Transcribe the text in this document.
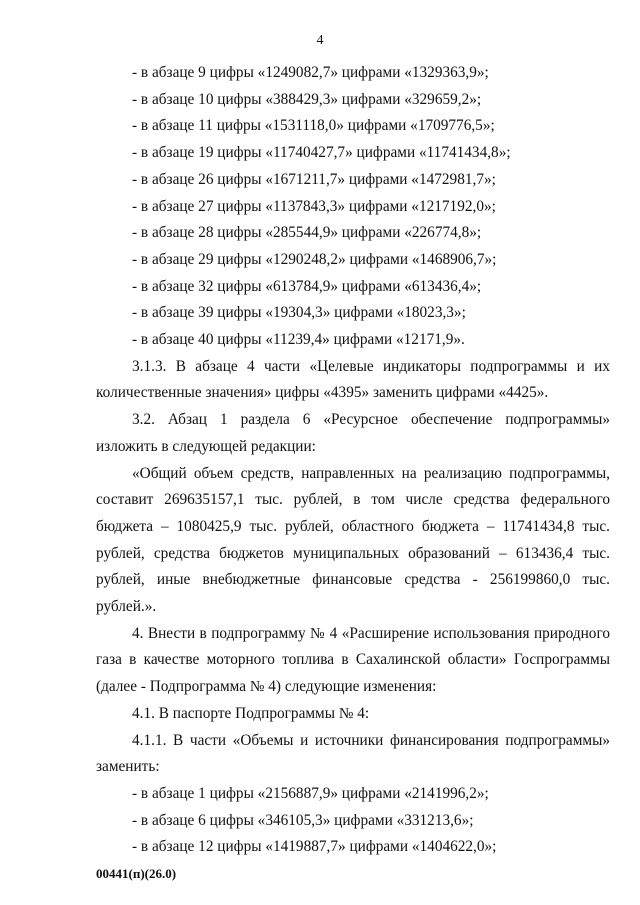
4

- в абзаце 9 цифры «1249082,7» цифрами «1329363,9»;

- в абзаце 10 цифры «388429,3» цифрами «329659,2»;

- в абзаце 11 цифры «1531118,0» цифрами «1709776,5»;

- в абзаце 19 цифры «11740427,7» цифрами «11741434,8»;

- в абзаце 26 цифры «1671211,7» цифрами «1472981,7»;

- в абзаце 27 цифры «1137843,3» цифрами «1217192,0»;

- в абзаце 28 цифры «285544,9» цифрами «226774,8»;

- в абзаце 29 цифры «1290248,2» цифрами «1468906,7»;

- в абзаце 32 цифры «613784,9» цифрами «613436,4»;

- в абзаце 39 цифры «19304,3» цифрами «18023,3»;

- в абзаце 40 цифры «11239,4» цифрами «12171,9».

3.1.3. В абзаце 4 части «Целевые индикаторы подпрограммы и их количественные значения» цифры «4395» заменить цифрами «4425».

3.2. Абзац 1 раздела 6 «Ресурсное обеспечение подпрограммы» изложить в следующей редакции:

«Общий объем средств, направленных на реализацию подпрограммы, составит 269635157,1 тыс. рублей, в том числе средства федерального бюджета – 1080425,9 тыс. рублей, областного бюджета – 11741434,8 тыс. рублей, средства бюджетов муниципальных образований – 613436,4 тыс. рублей, иные внебюджетные финансовые средства - 256199860,0 тыс. рублей.».

4. Внести в подпрограмму № 4 «Расширение использования природного газа в качестве моторного топлива в Сахалинской области» Госпрограммы (далее - Подпрограмма № 4) следующие изменения:

4.1. В паспорте Подпрограммы № 4:

4.1.1. В части «Объемы и источники финансирования подпрограммы» заменить:

- в абзаце 1 цифры «2156887,9» цифрами «2141996,2»;

- в абзаце 6 цифры «346105,3» цифрами «331213,6»;

- в абзаце 12 цифры «1419887,7» цифрами «1404622,0»;

00441(п)(26.0)
